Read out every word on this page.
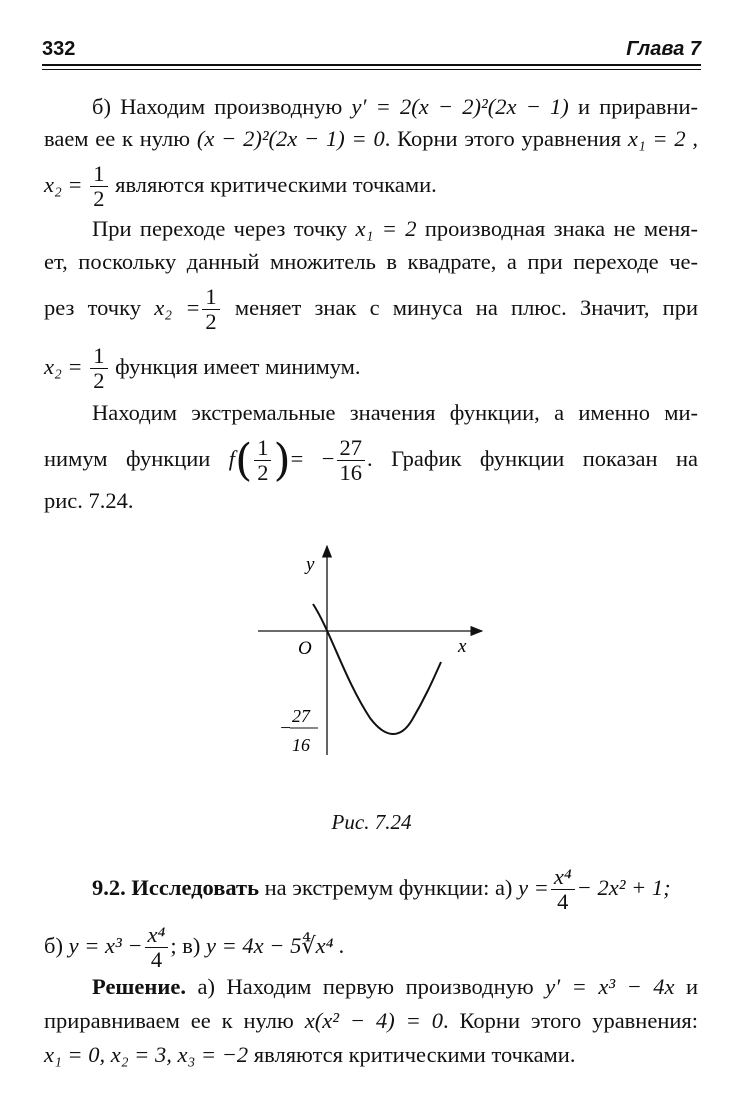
332	Глава 7
б) Находим производную y′ = 2(x − 2)²(2x − 1) и приравни-
ваем ее к нулю (x − 2)²(2x − 1) = 0. Корни этого уравнения x₁ = 2 ,
$x_2 = \frac{1}{2}$ являются критическими точками.
При переходе через точку x₁ = 2 производная знака не меня-
ет, поскольку данный множитель в квадрате, а при переходе че-
рез точку $x_2 = \frac{1}{2}$ меняет знак с минуса на плюс. Значит, при
$x_2 = \frac{1}{2}$ функция имеет минимум.
Находим экстремальные значения функции, а именно ми-
нимум функции $f( \frac{1}{2}$ )= − $\frac{27}{16}$ . График функции показан на
рис. 7.24.
y
x
O
−
27
16
Рис. 7.24
9.2. Исследовать на экстремум функции: а) $y = \frac{\text{x⁴}}{4} - 2x^2 + 1$;
б) $y = x^3 - \frac{\text{x⁴}}{4}$ ; в) y = 4x − 5∜x⁴ .
Решение. а) Находим первую производную y′ = x³ − 4x и
приравниваем ее к нулю x(x² − 4) = 0. Корни этого уравнения:
x₁ = 0, x₂ = 3, x₃ = −2 являются критическими точками.
